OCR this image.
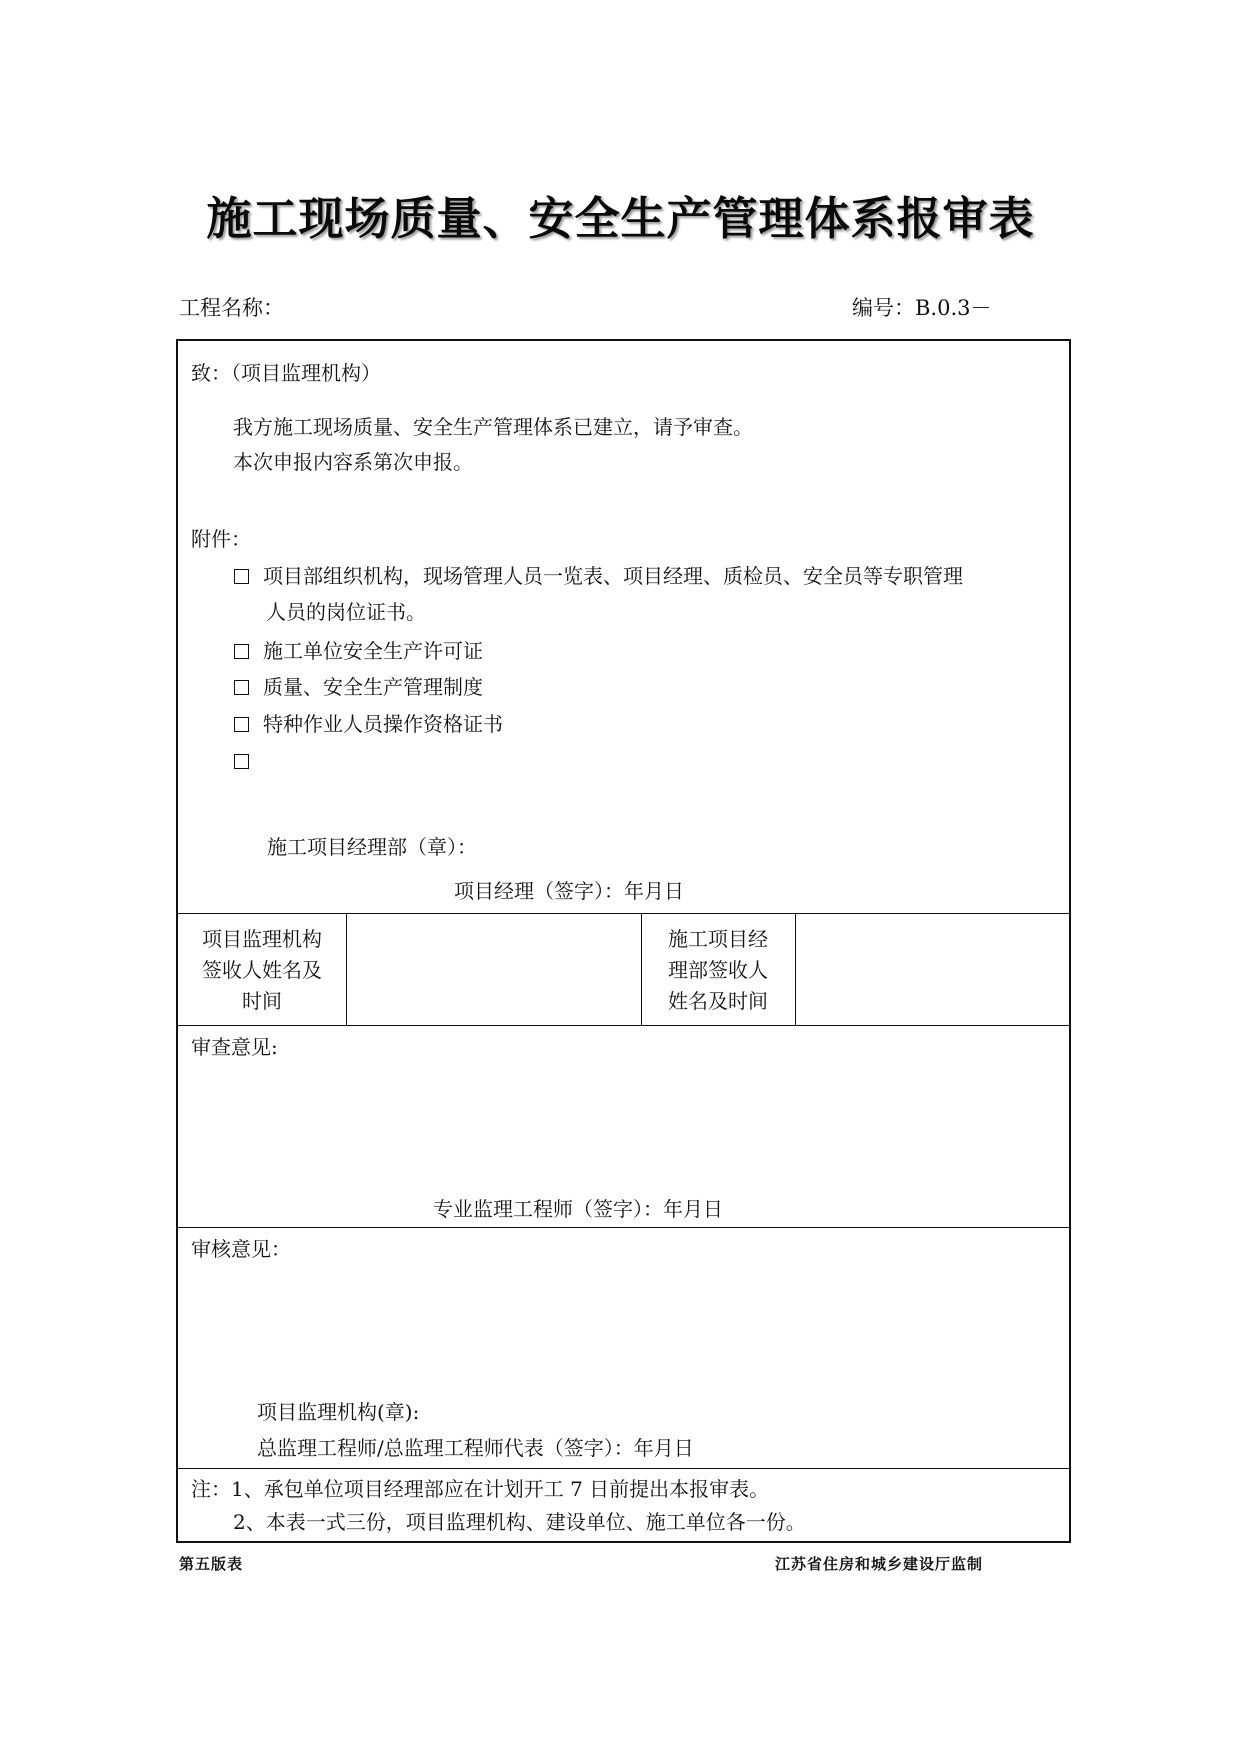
施工现场质量、安全生产管理体系报审表
工程名称：	编号：B.0.3－
致：（项目监理机构）
我方施工现场质量、安全生产管理体系已建立，请予审查。
本次申报内容系第次申报。
附件：
项目部组织机构，现场管理人员一览表、项目经理、质检员、安全员等专职管理
人员的岗位证书。
施工单位安全生产许可证
质量、安全生产管理制度
特种作业人员操作资格证书
施工项目经理部（章）：
项目经理（签字）：年月日
项目监理机构
签收人姓名及
时间
施工项目经
理部签收人
姓名及时间
审查意见:
专业监理工程师（签字）：年月日
审核意见：
项目监理机构(章):
总监理工程师/总监理工程师代表（签字）：年月日
注：1、承包单位项目经理部应在计划开工 7 日前提出本报审表。
2、本表一式三份，项目监理机构、建设单位、施工单位各一份。
第五版表	江苏省住房和城乡建设厅监制
